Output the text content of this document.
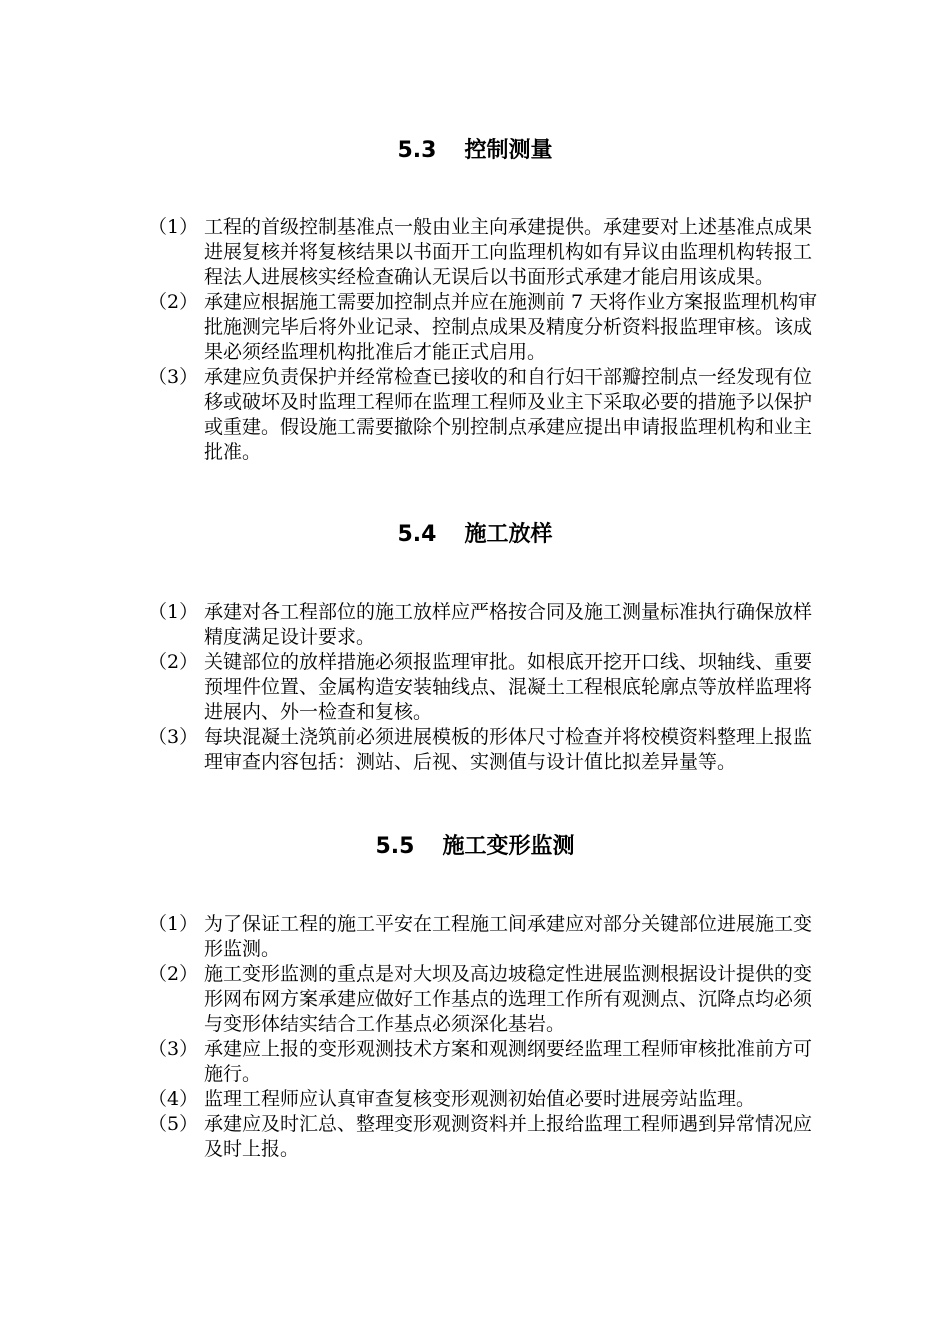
5.3 控制测量
（1） 工程的首级控制基准点一般由业主向承建提供。承建要对上述基准点成果进展复核并将复核结果以书面开工向监理机构如有异议由监理机构转报工程法人进展核实经检查确认无误后以书面形式承建才能启用该成果。
（2） 承建应根据施工需要加控制点并应在施测前 7 天将作业方案报监理机构审批施测完毕后将外业记录、控制点成果及精度分析资料报监理审核。该成果必须经监理机构批准后才能正式启用。
（3） 承建应负责保护并经常检查已接收的和自行妇干部瓣控制点一经发现有位移或破坏及时监理工程师在监理工程师及业主下采取必要的措施予以保护或重建。假设施工需要撤除个别控制点承建应提出申请报监理机构和业主批准。
5.4 施工放样
（1） 承建对各工程部位的施工放样应严格按合同及施工测量标准执行确保放样精度满足设计要求。
（2） 关键部位的放样措施必须报监理审批。如根底开挖开口线、坝轴线、重要预埋件位置、金属构造安装轴线点、混凝土工程根底轮廓点等放样监理将进展内、外一检查和复核。
（3） 每块混凝土浇筑前必须进展模板的形体尺寸检查并将校模资料整理上报监理审查内容包括：测站、后视、实测值与设计值比拟差异量等。
5.5 施工变形监测
（1） 为了保证工程的施工平安在工程施工间承建应对部分关键部位进展施工变形监测。
（2） 施工变形监测的重点是对大坝及高边坡稳定性进展监测根据设计提供的变形网布网方案承建应做好工作基点的选理工作所有观测点、沉降点均必须与变形体结实结合工作基点必须深化基岩。
（3） 承建应上报的变形观测技术方案和观测纲要经监理工程师审核批准前方可施行。
（4） 监理工程师应认真审查复核变形观测初始值必要时进展旁站监理。
（5） 承建应及时汇总、整理变形观测资料并上报给监理工程师遇到异常情况应及时上报。
